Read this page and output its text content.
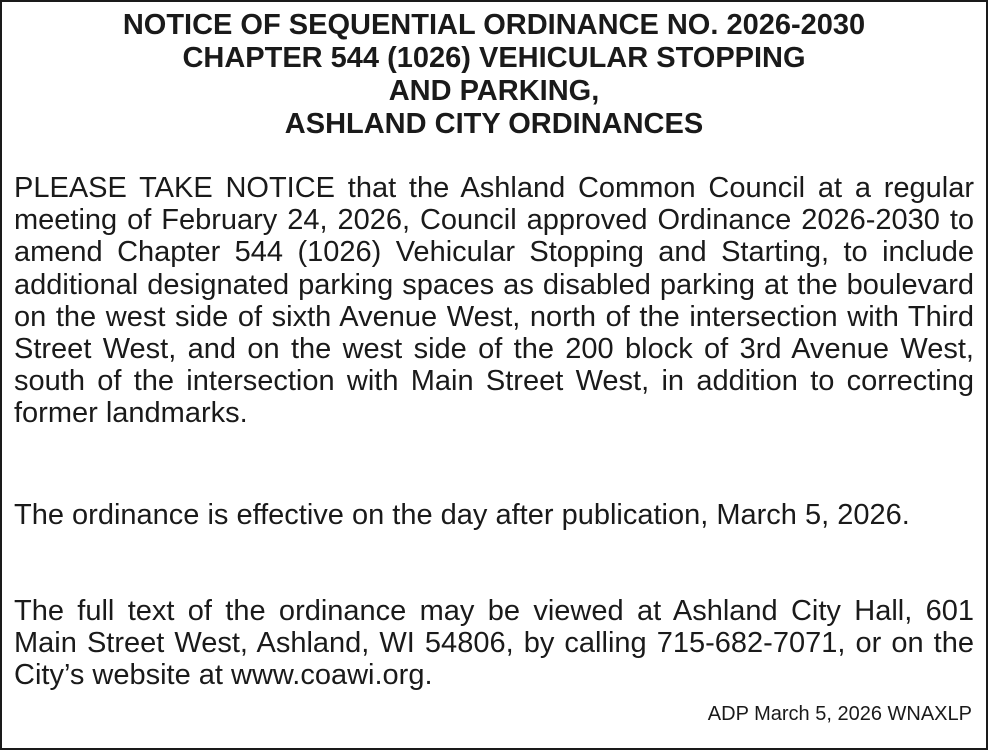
NOTICE OF SEQUENTIAL ORDINANCE NO. 2026-2030
CHAPTER 544 (1026) VEHICULAR STOPPING
AND PARKING,
ASHLAND CITY ORDINANCES

PLEASE TAKE NOTICE that the Ashland Common Council at a regular meeting of February 24, 2026, Council approved Ordinance 2026-2030 to amend Chapter 544 (1026) Vehicular Stopping and Starting, to include additional designated parking spaces as disabled parking at the boulevard on the west side of sixth Avenue West, north of the intersection with Third Street West, and on the west side of the 200 block of 3rd Avenue West, south of the intersection with Main Street West, in addition to correcting former landmarks.

The ordinance is effective on the day after publication, March 5, 2026.

The full text of the ordinance may be viewed at Ashland City Hall, 601 Main Street West, Ashland, WI 54806, by calling 715-682-7071, or on the City’s website at www.coawi.org.

ADP March 5, 2026 WNAXLP
